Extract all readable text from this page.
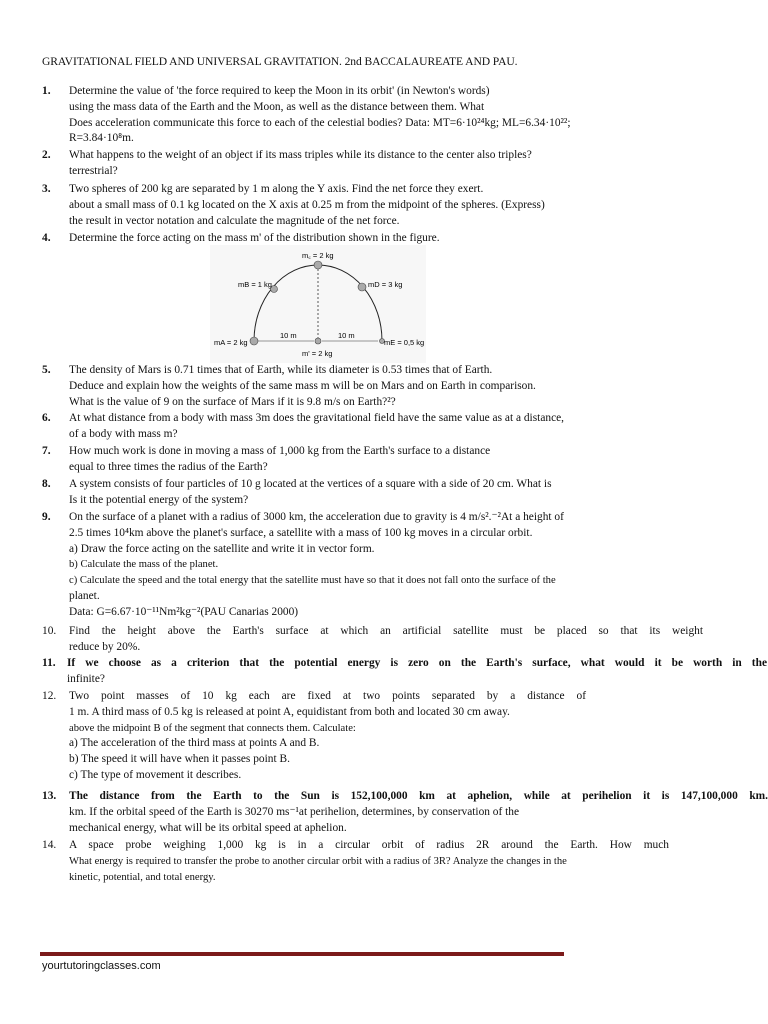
GRAVITATIONAL FIELD AND UNIVERSAL GRAVITATION. 2nd BACCALAUREATE AND PAU.
1.	Determine the value of 'the force required to keep the Moon in its orbit' (in Newton's words)
using the mass data of the Earth and the Moon, as well as the distance between them. What
Does acceleration communicate this force to each of the celestial bodies? Data: MT=6·10²⁴kg; ML=6.34·10²²;
R=3.84·10⁸m.
2.	What happens to the weight of an object if its mass triples while its distance to the center also triples?
terrestrial?
3.	Two spheres of 200 kg are separated by 1 m along the Y axis. Find the net force they exert.
about a small mass of 0.1 kg located on the X axis at 0.25 m from the midpoint of the spheres. (Express)
the result in vector notation and calculate the magnitude of the net force.
4.	Determine the force acting on the mass m' of the distribution shown in the figure.
m꜀ = 2 kg
mB = 1 kg	mD = 3 kg
mA = 2 kg	mE = 0,5 kg
m' = 2 kg
10 m	10 m
5.	The density of Mars is 0.71 times that of Earth, while its diameter is 0.53 times that of Earth.
Deduce and explain how the weights of the same mass m will be on Mars and on Earth in comparison.
What is the value of 9 on the surface of Mars if it is 9.8 m/s on Earth?²?
6.	At what distance from a body with mass 3m does the gravitational field have the same value as at a distance,
of a body with mass m?
7.	How much work is done in moving a mass of 1,000 kg from the Earth's surface to a distance
equal to three times the radius of the Earth?
8.	A system consists of four particles of 10 g located at the vertices of a square with a side of 20 cm. What is
Is it the potential energy of the system?
9.	On the surface of a planet with a radius of 3000 km, the acceleration due to gravity is 4 m/s².⁻²At a height of
2.5 times 10⁴km above the planet's surface, a satellite with a mass of 100 kg moves in a circular orbit.
a) Draw the force acting on the satellite and write it in vector form.
b) Calculate the mass of the planet.
c) Calculate the speed and the total energy that the satellite must have so that it does not fall onto the surface of the
planet.
Data: G=6.67·10⁻¹¹Nm²kg⁻²(PAU Canarias 2000)
10.	Find the height above the Earth's surface at which an artificial satellite must be placed so that its weight
reduce by 20%.
11. If we choose as a criterion that the potential energy is zero on the Earth's surface, what would it be worth in the
infinite?
12.	Two point masses of 10 kg each are fixed at two points separated by a distance of
1 m. A third mass of 0.5 kg is released at point A, equidistant from both and located 30 cm away.
above the midpoint B of the segment that connects them. Calculate:
a) The acceleration of the third mass at points A and B.
b) The speed it will have when it passes point B.
c) The type of movement it describes.
13.	The distance from the Earth to the Sun is 152,100,000 km at aphelion, while at perihelion it is 147,100,000 km.
km. If the orbital speed of the Earth is 30270 ms⁻¹at perihelion, determines, by conservation of the
mechanical energy, what will be its orbital speed at aphelion.
14.	A space probe weighing 1,000 kg is in a circular orbit of radius 2R around the Earth. How much
What energy is required to transfer the probe to another circular orbit with a radius of 3R? Analyze the changes in the
kinetic, potential, and total energy.
yourtutoringclasses.com
